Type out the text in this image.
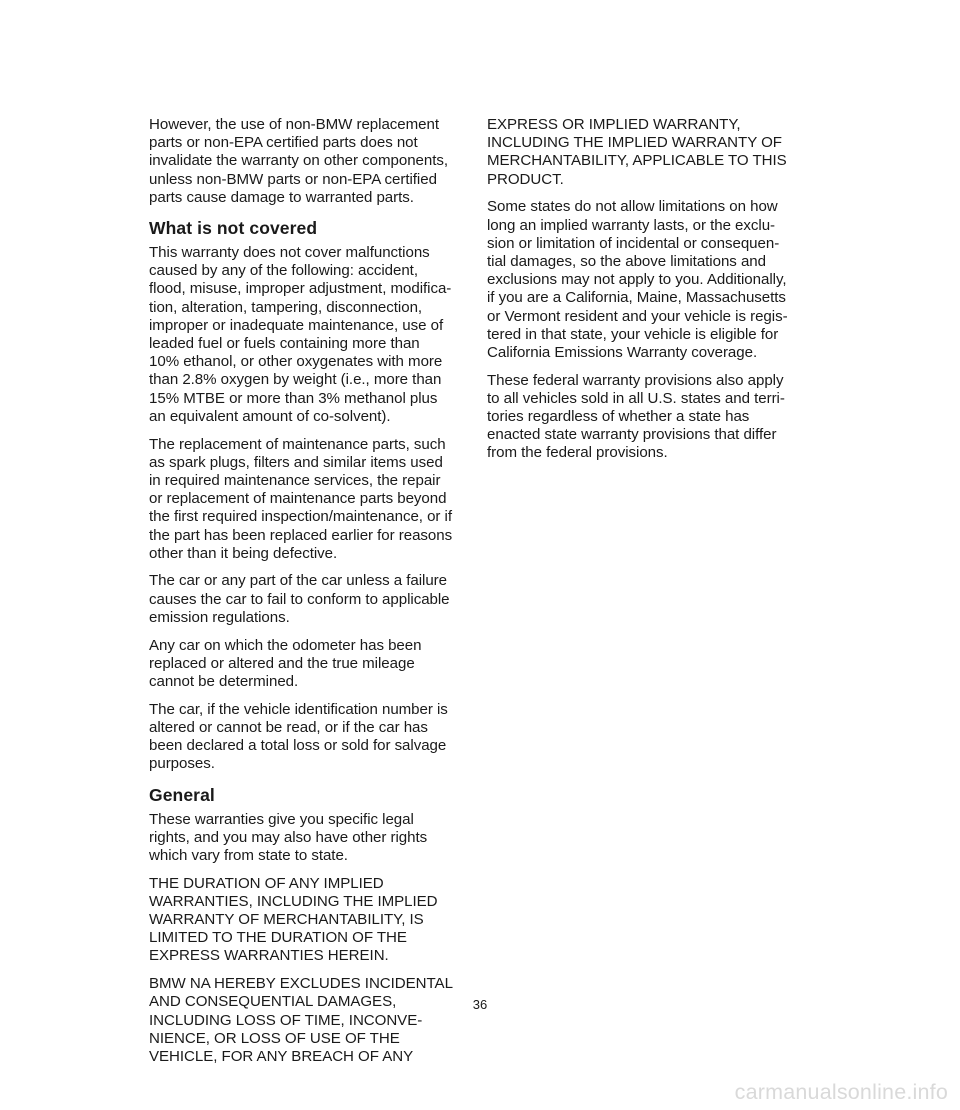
However, the use of non-BMW replacement
parts or non-EPA certified parts does not
invalidate the warranty on other components,
unless non-BMW parts or non-EPA certified
parts cause damage to warranted parts.

What is not covered

This warranty does not cover malfunctions
caused by any of the following: accident,
flood, misuse, improper adjustment, modifica-
tion, alteration, tampering, disconnection,
improper or inadequate maintenance, use of
leaded fuel or fuels containing more than
10% ethanol, or other oxygenates with more
than 2.8% oxygen by weight (i.e., more than
15% MTBE or more than 3% methanol plus
an equivalent amount of co-solvent).

The replacement of maintenance parts, such
as spark plugs, filters and similar items used
in required maintenance services, the repair
or replacement of maintenance parts beyond
the first required inspection/maintenance, or if
the part has been replaced earlier for reasons
other than it being defective.

The car or any part of the car unless a failure
causes the car to fail to conform to applicable
emission regulations.

Any car on which the odometer has been
replaced or altered and the true mileage
cannot be determined.

The car, if the vehicle identification number is
altered or cannot be read, or if the car has
been declared a total loss or sold for salvage
purposes.

General

These warranties give you specific legal
rights, and you may also have other rights
which vary from state to state.

THE DURATION OF ANY IMPLIED
WARRANTIES, INCLUDING THE IMPLIED
WARRANTY OF MERCHANTABILITY, IS
LIMITED TO THE DURATION OF THE
EXPRESS WARRANTIES HEREIN.

BMW NA HEREBY EXCLUDES INCIDENTAL
AND CONSEQUENTIAL DAMAGES,
INCLUDING LOSS OF TIME, INCONVE-
NIENCE, OR LOSS OF USE OF THE
VEHICLE, FOR ANY BREACH OF ANY

EXPRESS OR IMPLIED WARRANTY,
INCLUDING THE IMPLIED WARRANTY OF
MERCHANTABILITY, APPLICABLE TO THIS
PRODUCT.

Some states do not allow limitations on how
long an implied warranty lasts, or the exclu-
sion or limitation of incidental or consequen-
tial damages, so the above limitations and
exclusions may not apply to you. Additionally,
if you are a California, Maine, Massachusetts
or Vermont resident and your vehicle is regis-
tered in that state, your vehicle is eligible for
California Emissions Warranty coverage.

These federal warranty provisions also apply
to all vehicles sold in all U.S. states and terri-
tories regardless of whether a state has
enacted state warranty provisions that differ
from the federal provisions.

36
carmanualsonline.info
